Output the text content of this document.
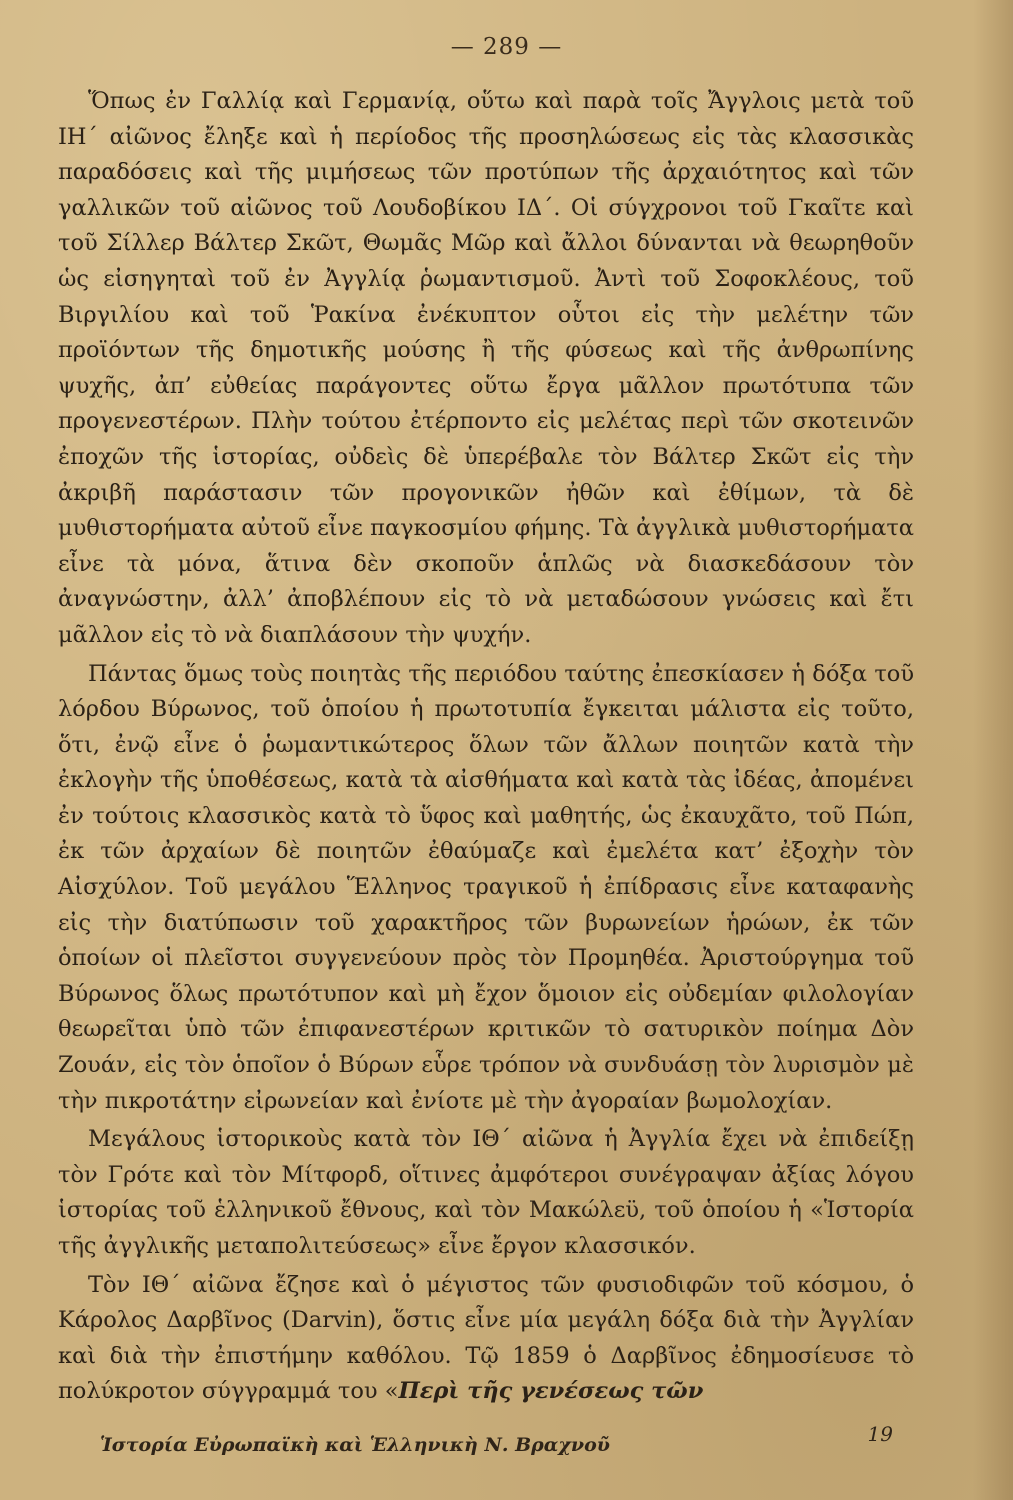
— 289 —

Ὅπως ἐν Γαλλίᾳ καὶ Γερμανίᾳ, οὕτω καὶ παρὰ τοῖς Ἄγγλοις μετὰ τοῦ ΙΗ΄ αἰῶνος ἔληξε καὶ ἡ περίοδος τῆς προσηλώσεως εἰς τὰς κλασσικὰς παραδόσεις καὶ τῆς μιμήσεως τῶν προτύπων τῆς ἀρχαιότητος καὶ τῶν γαλλικῶν τοῦ αἰῶνος τοῦ Λουδοβίκου ΙΔ΄. Οἱ σύγχρονοι τοῦ Γκαῖτε καὶ τοῦ Σίλλερ Βάλτερ Σκῶτ, Θωμᾶς Μῶρ καὶ ἄλλοι δύνανται νὰ θεωρηθοῦν ὡς εἰσηγηταὶ τοῦ ἐν Ἀγγλίᾳ ῥωμαντισμοῦ. Ἀντὶ τοῦ Σοφοκλέους, τοῦ Βιργιλίου καὶ τοῦ Ῥακίνα ἐνέκυπτον οὗτοι εἰς τὴν μελέτην τῶν προϊόντων τῆς δημοτικῆς μούσης ἢ τῆς φύσεως καὶ τῆς ἀνθρωπίνης ψυχῆς, ἀπ’ εὐθείας παράγοντες οὕτω ἔργα μᾶλλον πρωτότυπα τῶν προγενεστέρων. Πλὴν τούτου ἐτέρποντο εἰς μελέτας περὶ τῶν σκοτεινῶν ἐποχῶν τῆς ἱστορίας, οὐδεὶς δὲ ὑπερέβαλε τὸν Βάλτερ Σκῶτ εἰς τὴν ἀκριβῆ παράστασιν τῶν προγονικῶν ἠθῶν καὶ ἐθίμων, τὰ δὲ μυθιστορήματα αὐτοῦ εἶνε παγκοσμίου φήμης. Τὰ ἀγγλικὰ μυθιστορήματα εἶνε τὰ μόνα, ἅτινα δὲν σκοποῦν ἁπλῶς νὰ διασκεδάσουν τὸν ἀναγνώστην, ἀλλ’ ἀποβλέπουν εἰς τὸ νὰ μεταδώσουν γνώσεις καὶ ἔτι μᾶλλον εἰς τὸ νὰ διαπλάσουν τὴν ψυχήν.

Πάντας ὅμως τοὺς ποιητὰς τῆς περιόδου ταύτης ἐπεσκίασεν ἡ δόξα τοῦ λόρδου Βύρωνος, τοῦ ὁποίου ἡ πρωτοτυπία ἔγκειται μάλιστα εἰς τοῦτο, ὅτι, ἐνῷ εἶνε ὁ ῥωμαντικώτερος ὅλων τῶν ἄλλων ποιητῶν κατὰ τὴν ἐκλογὴν τῆς ὑποθέσεως, κατὰ τὰ αἰσθήματα καὶ κατὰ τὰς ἰδέας, ἀπομένει ἐν τούτοις κλασσικὸς κατὰ τὸ ὕφος καὶ μαθητής, ὡς ἐκαυχᾶτο, τοῦ Πώπ, ἐκ τῶν ἀρχαίων δὲ ποιητῶν ἐθαύμαζε καὶ ἐμελέτα κατ’ ἐξοχὴν τὸν Αἰσχύλον. Τοῦ μεγάλου Ἕλληνος τραγικοῦ ἡ ἐπίδρασις εἶνε καταφανὴς εἰς τὴν διατύπωσιν τοῦ χαρακτῆρος τῶν βυρωνείων ἡρώων, ἐκ τῶν ὁποίων οἱ πλεῖστοι συγγενεύουν πρὸς τὸν Προμηθέα. Ἀριστούργημα τοῦ Βύρωνος ὅλως πρωτότυπον καὶ μὴ ἔχον ὅμοιον εἰς οὐδεμίαν φιλολογίαν θεωρεῖται ὑπὸ τῶν ἐπιφανεστέρων κριτικῶν τὸ σατυρικὸν ποίημα Δὸν Ζουάν, εἰς τὸν ὁποῖον ὁ Βύρων εὗρε τρόπον νὰ συνδυάσῃ τὸν λυρισμὸν μὲ τὴν πικροτάτην εἰρωνείαν καὶ ἐνίοτε μὲ τὴν ἀγοραίαν βωμολοχίαν.

Μεγάλους ἱστορικοὺς κατὰ τὸν ΙΘ΄ αἰῶνα ἡ Ἀγγλία ἔχει νὰ ἐπιδείξῃ τὸν Γρότε καὶ τὸν Μίτφορδ, οἵτινες ἀμφότεροι συνέγραψαν ἀξίας λόγου ἱστορίας τοῦ ἑλληνικοῦ ἔθνους, καὶ τὸν Μακώλεϋ, τοῦ ὁποίου ἡ «Ἱστορία τῆς ἀγγλικῆς μεταπολιτεύσεως» εἶνε ἔργον κλασσικόν.

Τὸν ΙΘ΄ αἰῶνα ἔζησε καὶ ὁ μέγιστος τῶν φυσιοδιφῶν τοῦ κόσμου, ὁ Κάρολος Δαρβῖνος (Darvin), ὅστις εἶνε μία μεγάλη δόξα διὰ τὴν Ἀγγλίαν καὶ διὰ τὴν ἐπιστήμην καθόλου. Τῷ 1859 ὁ Δαρβῖνος ἐδημοσίευσε τὸ πολύκροτον σύγγραμμά του «Περὶ τῆς γενέσεως τῶν

Ἱστορία Εὐρωπαϊκὴ καὶ Ἑλληνικὴ Ν. Βραχνοῦ	19
